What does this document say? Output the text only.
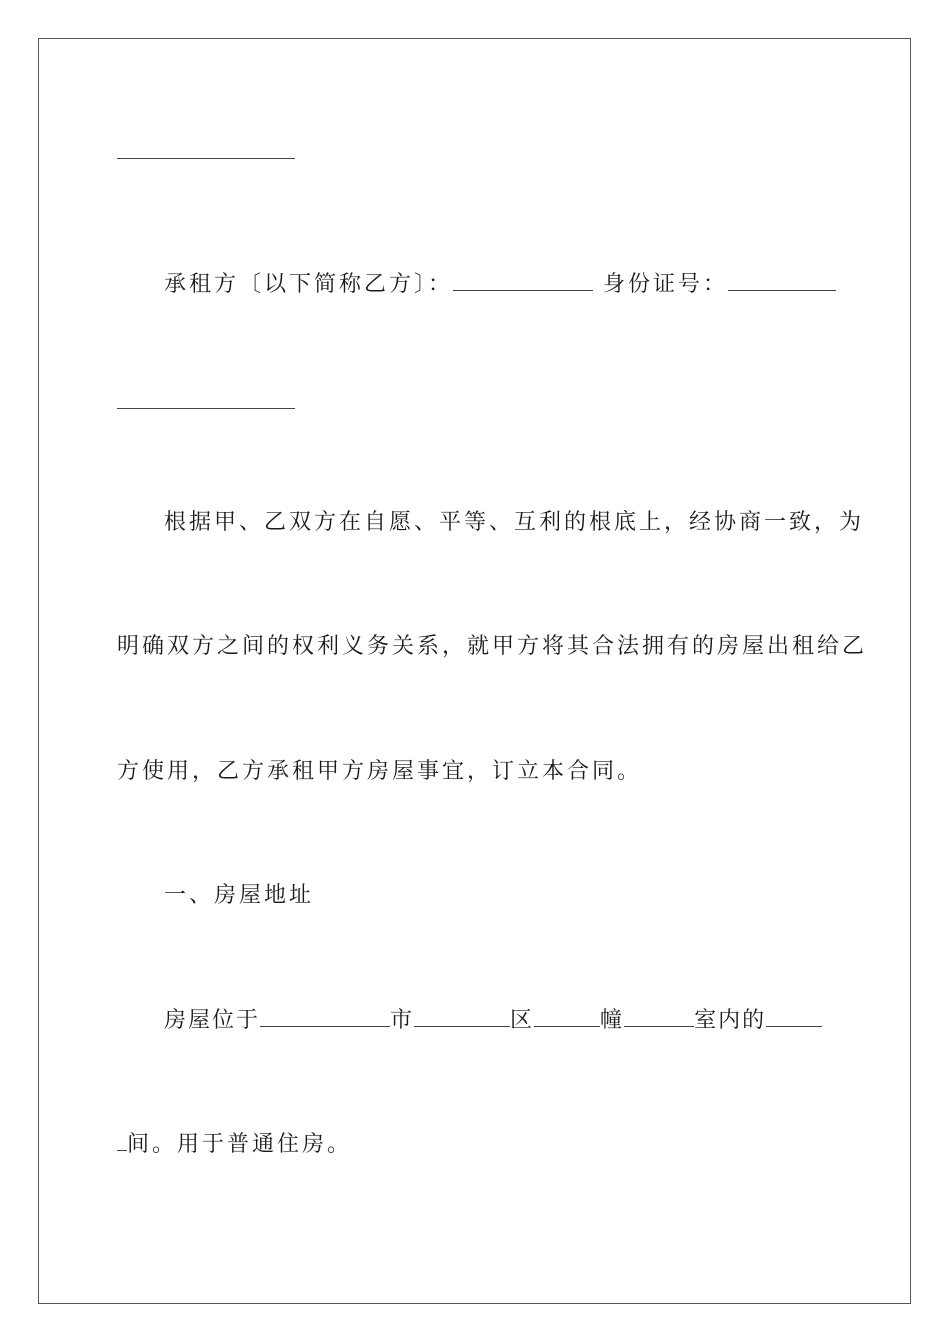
承租方〔以下简称乙方〕：	身份证号：
根据甲、乙双方在自愿、平等、互利的根底上，经协商一致，为
明确双方之间的权利义务关系，就甲方将其合法拥有的房屋出租给乙
方使用，乙方承租甲方房屋事宜，订立本合同。
一、房屋地址
房屋位于	市	区	幢	室内的
间。用于普通住房。
